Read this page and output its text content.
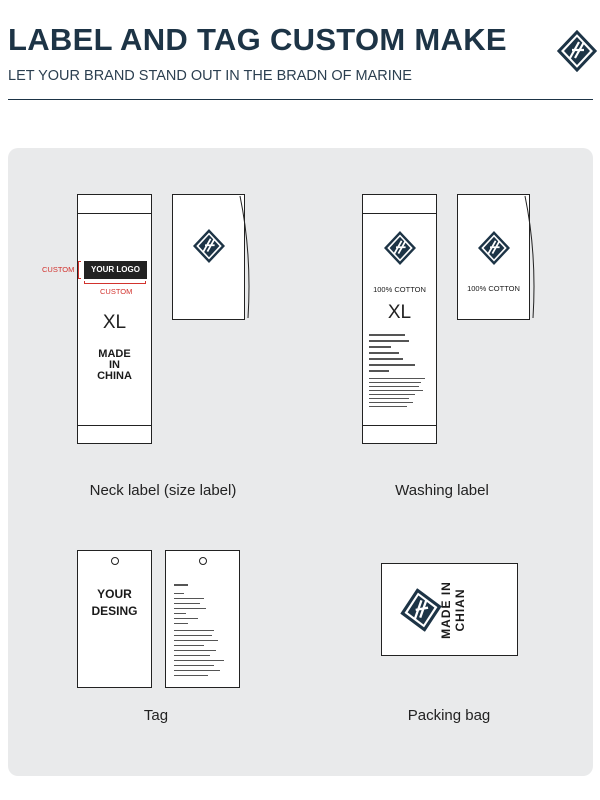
LABEL AND TAG CUSTOM MAKE
LET YOUR BRAND STAND OUT IN THE BRADN OF MARINE
YOUR LOGO
XL
MADE
IN
CHINA
CUSTOM
CUSTOM
Neck label (size label)
100% COTTON
XL
100% COTTON
Washing label
YOUR
DESING
Tag
MADE IN CHIAN
Packing bag
